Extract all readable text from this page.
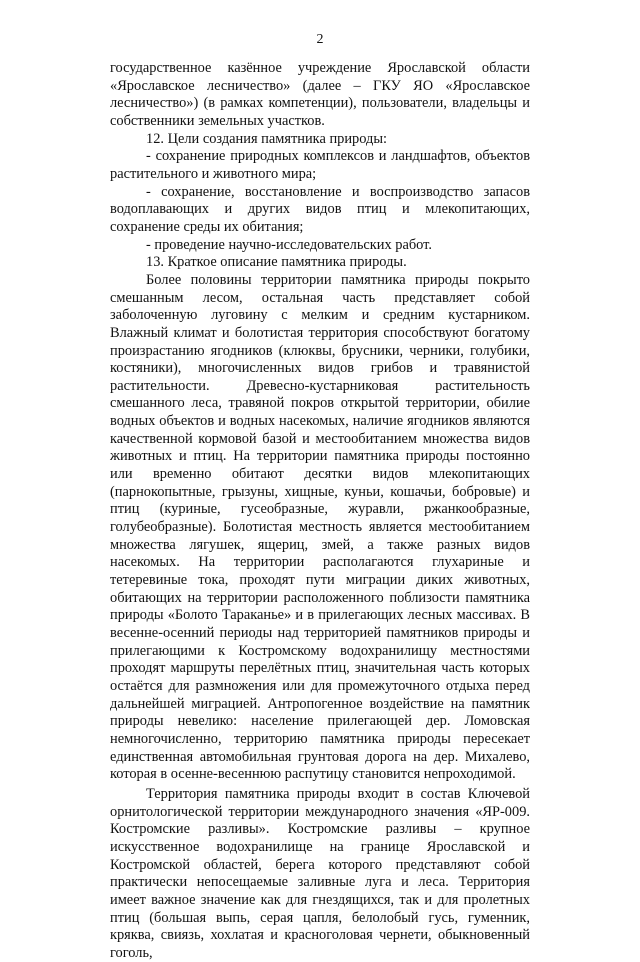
2

государственное казённое учреждение Ярославской области «Ярославское лесничество» (далее – ГКУ ЯО «Ярославское лесничество») (в рамках компетенции), пользователи, владельцы и собственники земельных участков.

12. Цели создания памятника природы:

- сохранение природных комплексов и ландшафтов, объектов растительного и животного мира;

- сохранение, восстановление и воспроизводство запасов водоплавающих и других видов птиц и млекопитающих, сохранение среды их обитания;

- проведение научно-исследовательских работ.

13. Краткое описание памятника природы.

Более половины территории памятника природы покрыто смешанным лесом, остальная часть представляет собой заболоченную луговину с мелким и средним кустарником. Влажный климат и болотистая территория способствуют богатому произрастанию ягодников (клюквы, брусники, черники, голубики, костяники), многочисленных видов грибов и травянистой растительности. Древесно-кустарниковая растительность смешанного леса, травяной покров открытой территории, обилие водных объектов и водных насекомых, наличие ягодников являются качественной кормовой базой и местообитанием множества видов животных и птиц. На территории памятника природы постоянно или временно обитают десятки видов млекопитающих (парнокопытные, грызуны, хищные, куньи, кошачьи, бобровые) и птиц (куриные, гусеобразные, журавли, ржанкообразные, голубеобразные). Болотистая местность является местообитанием множества лягушек, ящериц, змей, а также разных видов насекомых. На территории располагаются глухариные и тетеревиные тока, проходят пути миграции диких животных, обитающих на территории расположенного поблизости памятника природы «Болото Тараканье» и в прилегающих лесных массивах. В весенне-осенний периоды над территорией памятников природы и прилегающими к Костромскому водохранилищу местностями проходят маршруты перелётных птиц, значительная часть которых остаётся для размножения или для промежуточного отдыха перед дальнейшей миграцией. Антропогенное воздействие на памятник природы невелико: население прилегающей дер. Ломовская немногочисленно, территорию памятника природы пересекает единственная автомобильная грунтовая дорога на дер. Михалево, которая в осенне-весеннюю распутицу становится непроходимой.

Территория памятника природы входит в состав Ключевой орнитологической территории международного значения «ЯР-009. Костромские разливы». Костромские разливы – крупное искусственное водохранилище на границе Ярославской и Костромской областей, берега которого представляют собой практически непосещаемые заливные луга и леса. Территория имеет важное значение как для гнездящихся, так и для пролетных птиц (большая выпь, серая цапля, белолобый гусь, гуменник, кряква, свиязь, хохлатая и красноголовая чернети, обыкновенный гоголь,
